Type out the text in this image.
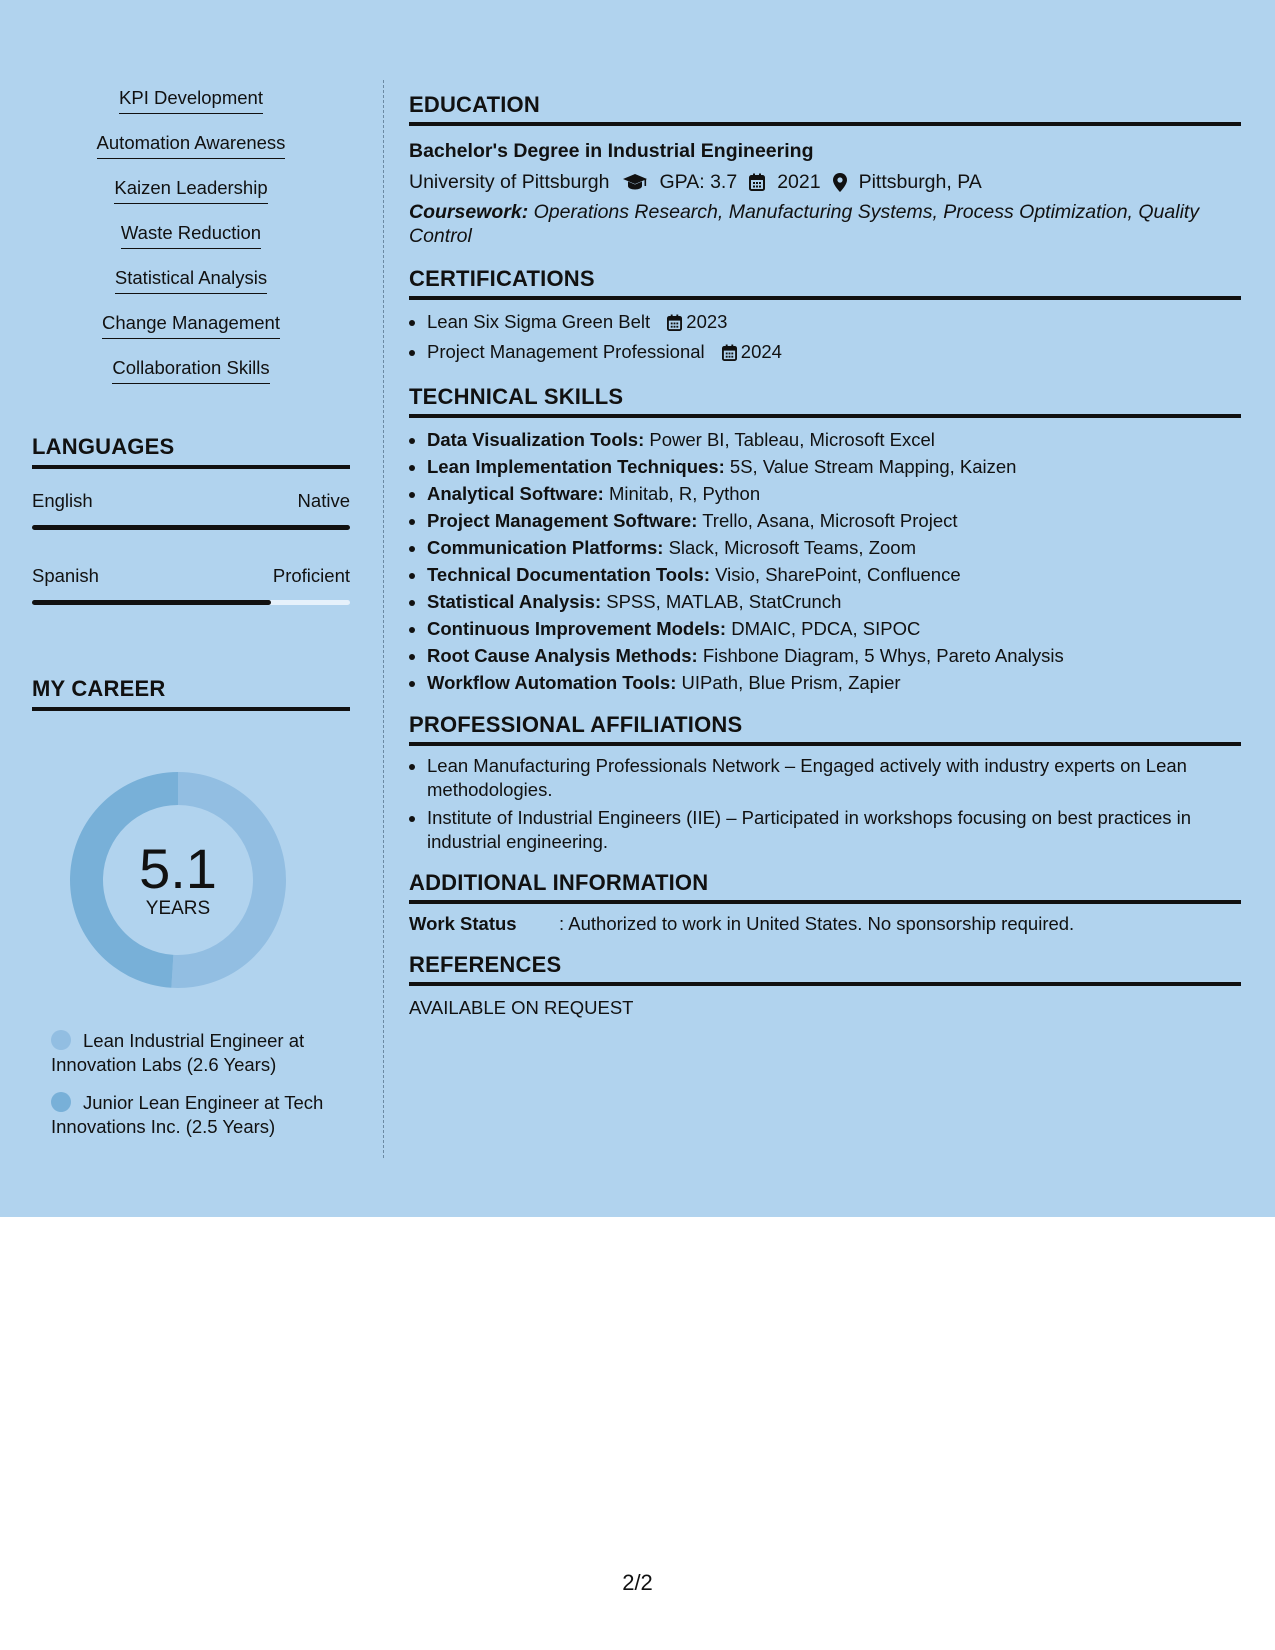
KPI Development
Automation Awareness
Kaizen Leadership
Waste Reduction
Statistical Analysis
Change Management
Collaboration Skills
LANGUAGES
English	Native
Spanish	Proficient
MY CAREER
5.1
YEARS
Lean Industrial Engineer at Innovation Labs (2.6 Years)
Junior Lean Engineer at Tech Innovations Inc. (2.5 Years)
EDUCATION
Bachelor's Degree in Industrial Engineering
University of Pittsburgh	GPA: 3.7 2021 Pittsburgh, PA
Coursework: Operations Research, Manufacturing Systems, Process Optimization, Quality Control
CERTIFICATIONS
• Lean Six Sigma Green Belt 2023
• Project Management Professional 2024
TECHNICAL SKILLS
• Data Visualization Tools: Power BI, Tableau, Microsoft Excel
• Lean Implementation Techniques: 5S, Value Stream Mapping, Kaizen
• Analytical Software: Minitab, R, Python
• Project Management Software: Trello, Asana, Microsoft Project
• Communication Platforms: Slack, Microsoft Teams, Zoom
• Technical Documentation Tools: Visio, SharePoint, Confluence
• Statistical Analysis: SPSS, MATLAB, StatCrunch
• Continuous Improvement Models: DMAIC, PDCA, SIPOC
• Root Cause Analysis Methods: Fishbone Diagram, 5 Whys, Pareto Analysis
• Workflow Automation Tools: UIPath, Blue Prism, Zapier
PROFESSIONAL AFFILIATIONS
• Lean Manufacturing Professionals Network – Engaged actively with industry experts on Lean methodologies.
• Institute of Industrial Engineers (IIE) – Participated in workshops focusing on best practices in industrial engineering.
ADDITIONAL INFORMATION
Work Status	: Authorized to work in United States. No sponsorship required.
REFERENCES
AVAILABLE ON REQUEST
2/2
